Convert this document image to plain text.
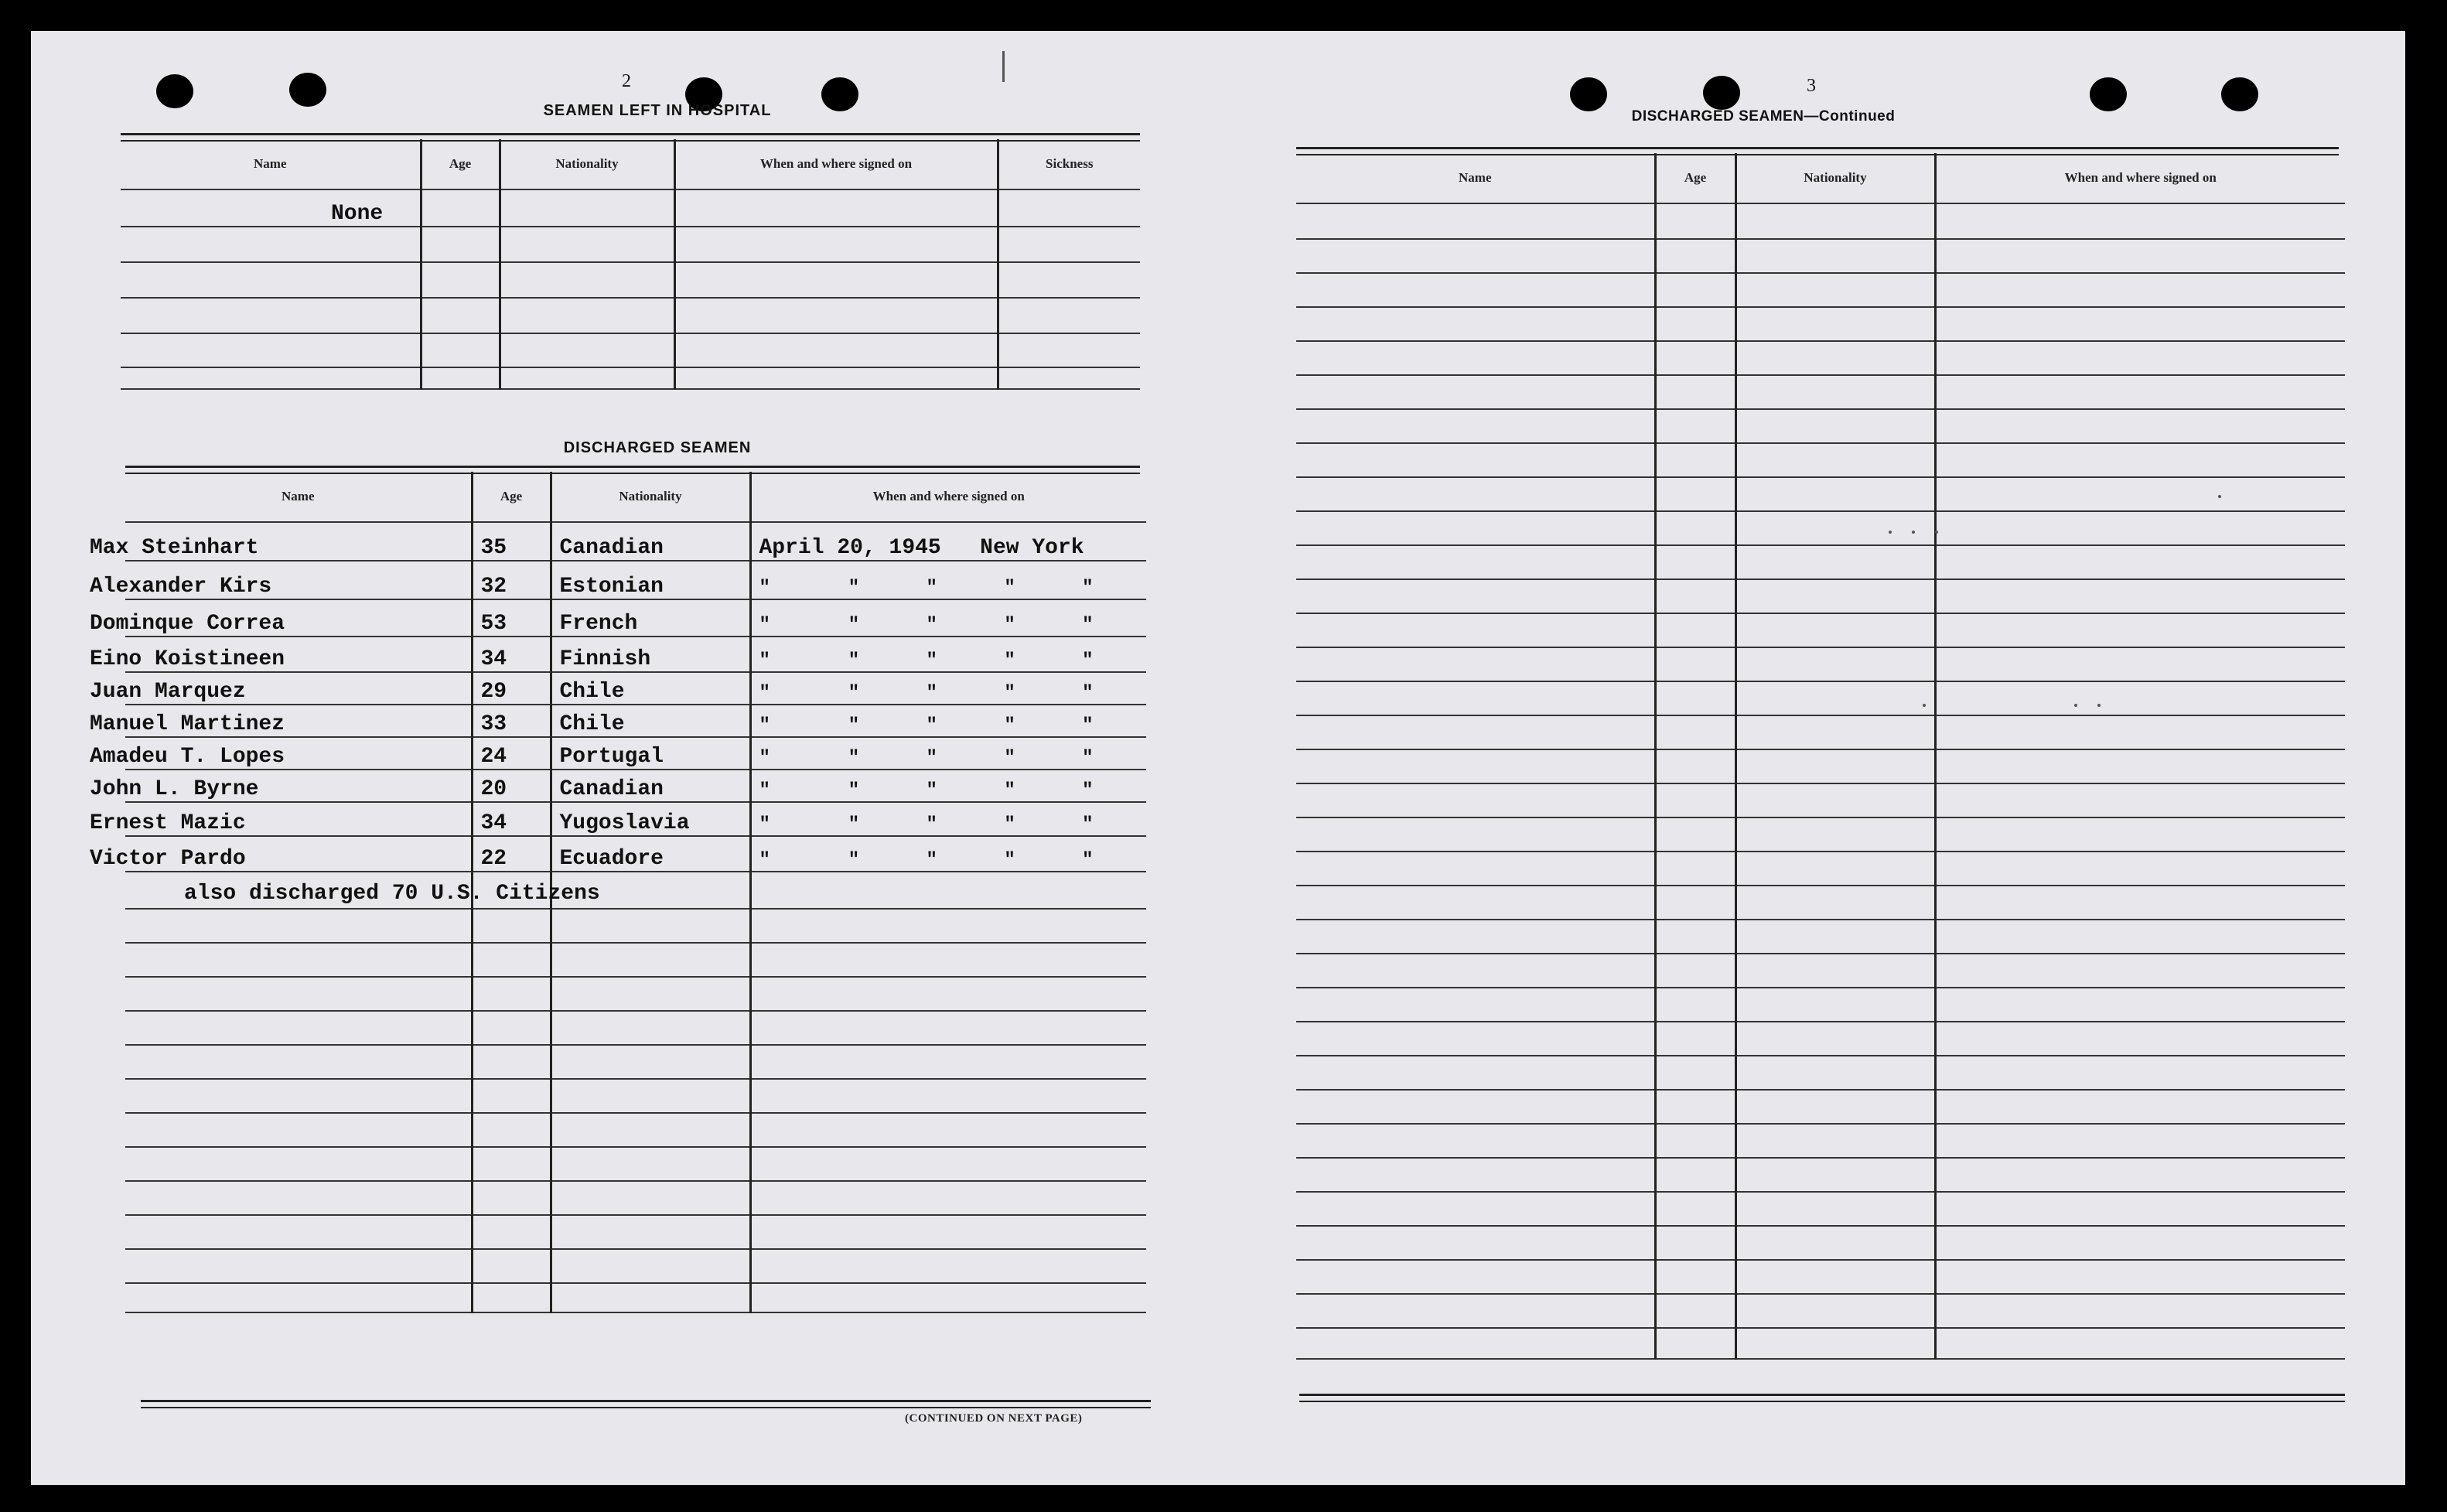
2
SEAMEN LEFT IN HOSPITAL
Name	Age	Nationality	When and where signed on	Sickness
None				

DISCHARGED SEAMEN
Name	Age	Nationality	When and where signed on
Max Steinhart	35	Canadian	April 20, 1945   New York
Alexander Kirs	32	Estonian	"       "      "      "      "
Dominque Correa	53	French	"       "      "      "      "
Eino Koistineen	34	Finnish	"       "      "      "      "
Juan Marquez	29	Chile	"       "      "      "      "
Manuel Martinez	33	Chile	"       "      "      "      "
Amadeu T. Lopes	24	Portugal	"       "      "      "      "
John L. Byrne	20	Canadian	"       "      "      "      "
Ernest Mazic	34	Yugoslavia	"       "      "      "      "
Victor Pardo	22	Ecuadore	"       "      "      "      "

also discharged 70 U.S. Citizens
(CONTINUED ON NEXT PAGE)
3
DISCHARGED SEAMEN—Continued
Name	Age	Nationality	When and where signed on
